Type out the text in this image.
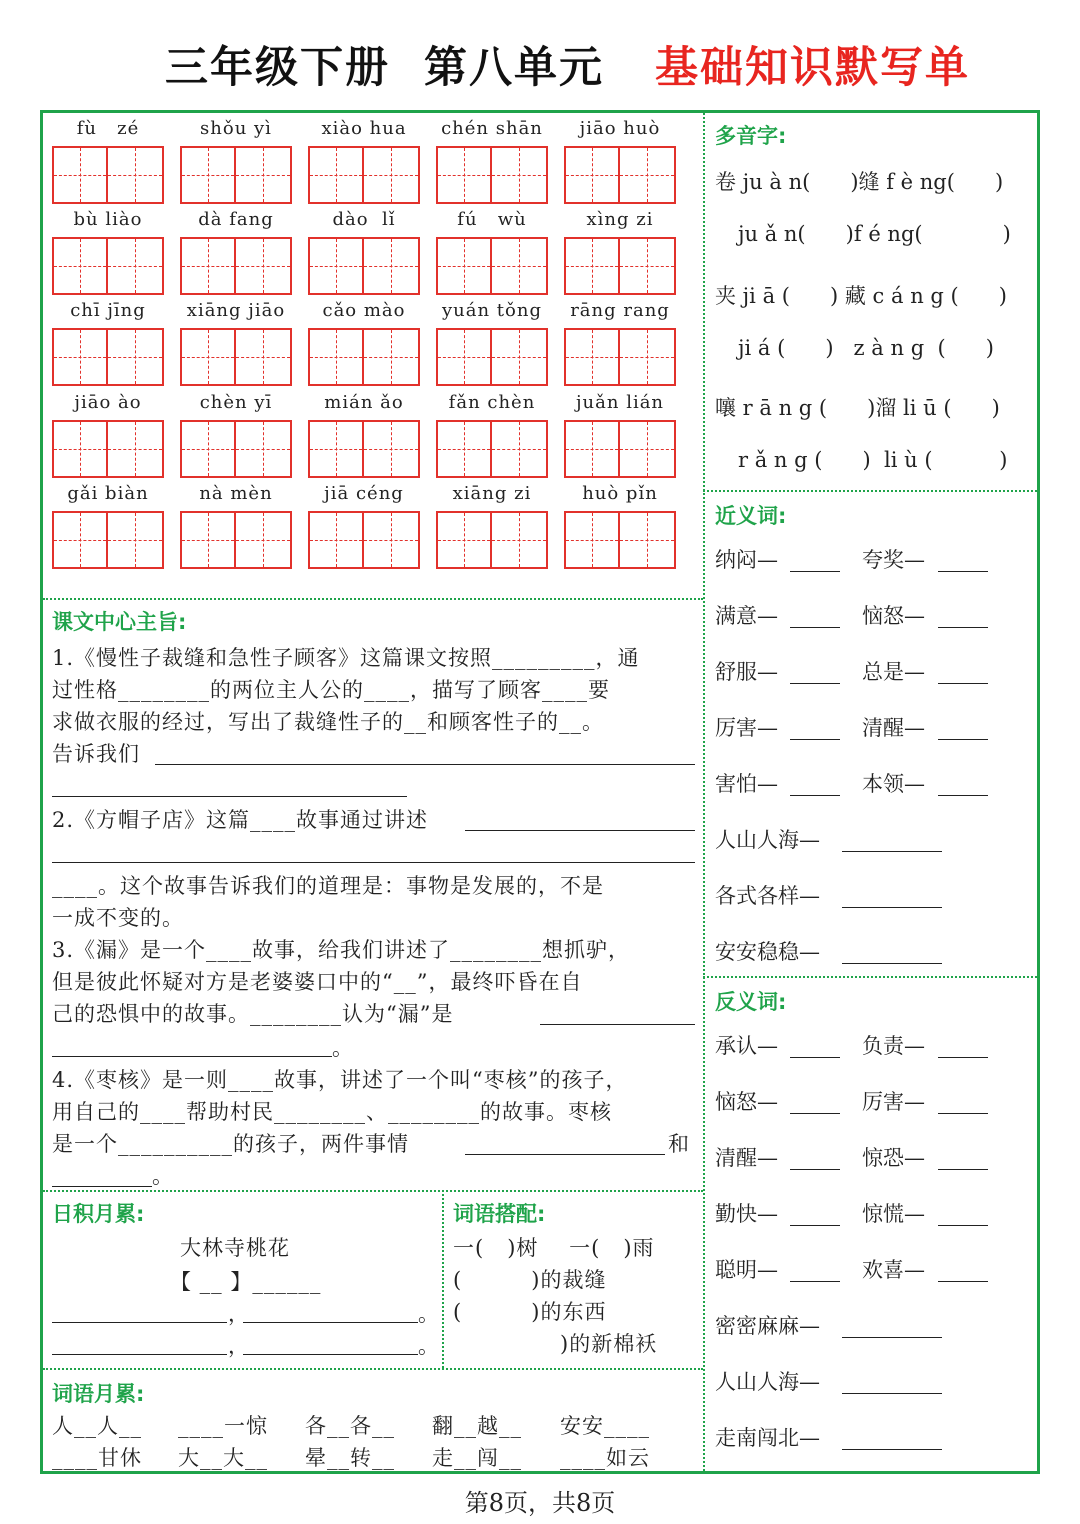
三年级下册  第八单元 基础知识默写单
fù   zé	shǒu yì	xiào hua	chén shān	jiāo huò
bù liào	dà fang	dào  lǐ	fú   wù	xìng zi
chī jīng	xiāng jiāo	cǎo mào	yuán tǒng	rāng rang
jiāo ào	chèn yī	mián ǎo	fǎn chèn	juǎn lián
gǎi biàn	nà mèn	jiā céng	xiāng zi	huò pǐn
课文中心主旨:
1.《慢性子裁缝和急性子顾客》这篇课文按照_________，通
过性格________的两位主人公的____，描写了顾客____要
求做衣服的经过，写出了裁缝性子的__和顾客性子的__。
告诉我们
2.《方帽子店》这篇____故事通过讲述
____。这个故事告诉我们的道理是：事物是发展的，不是
一成不变的。
3.《漏》是一个____故事，给我们讲述了________想抓驴，
但是彼此怀疑对方是老婆婆口中的“__”，最终吓昏在自
己的恐惧中的故事。________认为“漏”是
。
4.《枣核》是一则____故事，讲述了一个叫“枣核”的孩子，
用自己的____帮助村民________、________的故事。枣核
是一个__________的孩子，两件事情	和
。
日积月累:
大林寺桃花
【 __ 】______
，	。
，	。
词语搭配:
一(   )树    一(   )雨
(         )的裁缝
(         )的东西
)的新棉袄
词语月累:
人__人__ ____一惊 各__各__ 翻__越__ 安安____
____甘休 大__大__ 晕__转__ 走__闯__ ____如云
多音字:
卷 ju à n(      )缝 f è ng(      )
ju ǎ n(      )f é ng(            )
夹 ji ā (      ) 藏 c á n g (      )
ji á (      )   z à n g  (      )
嚷 r ā n g (      )溜 li ū (      )
r ǎ n g (      )  li ù (          )
近义词:
纳闷—	夸奖—
满意—	恼怒—
舒服—	总是—
厉害—	清醒—
害怕—	本领—
人山人海—
各式各样—
安安稳稳—
反义词:
承认—	负责—
恼怒—	厉害—
清醒—	惊恐—
勤快—	惊慌—
聪明—	欢喜—
密密麻麻—
人山人海—
走南闯北—
第8页，共8页
